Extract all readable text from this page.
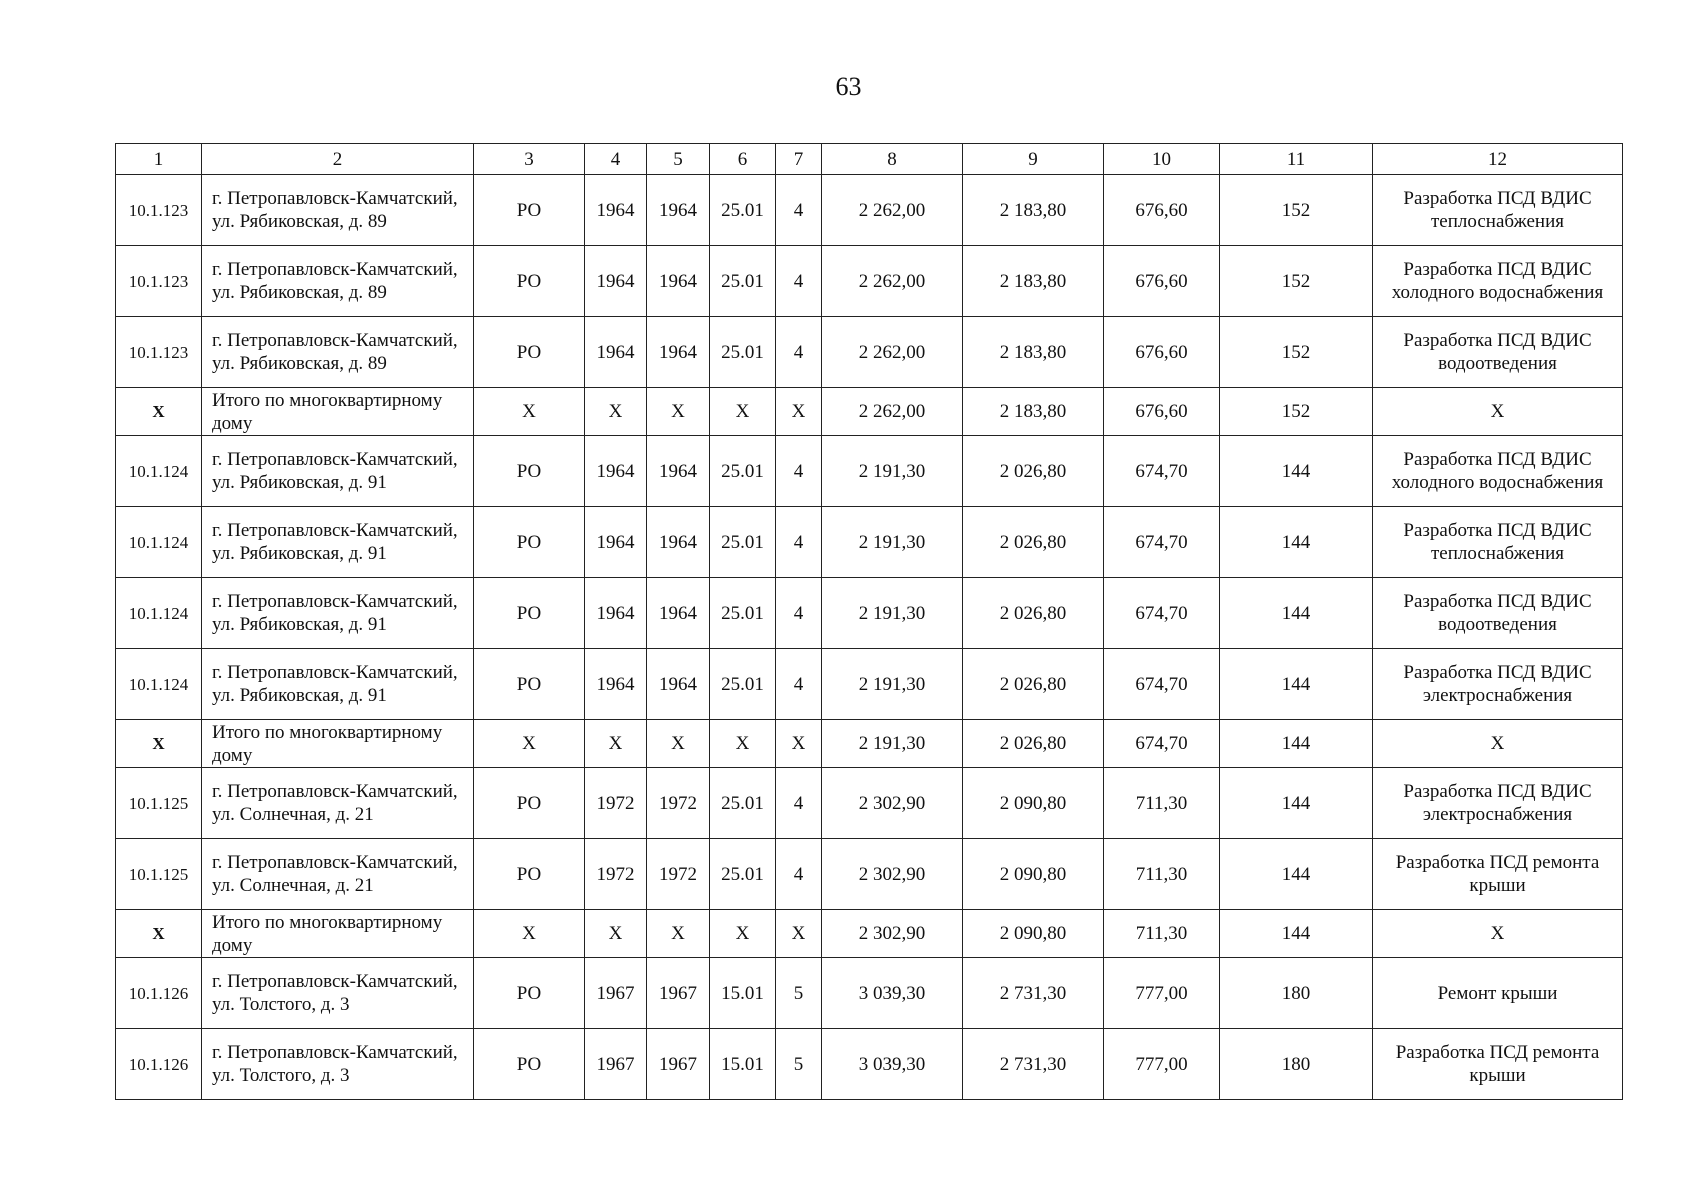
63
1	2	3	4	5	6	7	8	9	10	11	12
10.1.123	г. Петропавловск-Камчатский, ул. Рябиковская, д. 89	РО	1964	1964	25.01	4	2 262,00	2 183,80	676,60	152	Разработка ПСД ВДИС теплоснабжения
10.1.123	г. Петропавловск-Камчатский, ул. Рябиковская, д. 89	РО	1964	1964	25.01	4	2 262,00	2 183,80	676,60	152	Разработка ПСД ВДИС холодного водоснабжения
10.1.123	г. Петропавловск-Камчатский, ул. Рябиковская, д. 89	РО	1964	1964	25.01	4	2 262,00	2 183,80	676,60	152	Разработка ПСД ВДИС водоотведения
Х	Итого по многоквартирному дому	Х	Х	Х	Х	Х	2 262,00	2 183,80	676,60	152	Х
10.1.124	г. Петропавловск-Камчатский, ул. Рябиковская, д. 91	РО	1964	1964	25.01	4	2 191,30	2 026,80	674,70	144	Разработка ПСД ВДИС холодного водоснабжения
10.1.124	г. Петропавловск-Камчатский, ул. Рябиковская, д. 91	РО	1964	1964	25.01	4	2 191,30	2 026,80	674,70	144	Разработка ПСД ВДИС теплоснабжения
10.1.124	г. Петропавловск-Камчатский, ул. Рябиковская, д. 91	РО	1964	1964	25.01	4	2 191,30	2 026,80	674,70	144	Разработка ПСД ВДИС водоотведения
10.1.124	г. Петропавловск-Камчатский, ул. Рябиковская, д. 91	РО	1964	1964	25.01	4	2 191,30	2 026,80	674,70	144	Разработка ПСД ВДИС электроснабжения
Х	Итого по многоквартирному дому	Х	Х	Х	Х	Х	2 191,30	2 026,80	674,70	144	Х
10.1.125	г. Петропавловск-Камчатский, ул. Солнечная, д. 21	РО	1972	1972	25.01	4	2 302,90	2 090,80	711,30	144	Разработка ПСД ВДИС электроснабжения
10.1.125	г. Петропавловск-Камчатский, ул. Солнечная, д. 21	РО	1972	1972	25.01	4	2 302,90	2 090,80	711,30	144	Разработка ПСД ремонта крыши
Х	Итого по многоквартирному дому	Х	Х	Х	Х	Х	2 302,90	2 090,80	711,30	144	Х
10.1.126	г. Петропавловск-Камчатский, ул. Толстого, д. 3	РО	1967	1967	15.01	5	3 039,30	2 731,30	777,00	180	Ремонт крыши
10.1.126	г. Петропавловск-Камчатский, ул. Толстого, д. 3	РО	1967	1967	15.01	5	3 039,30	2 731,30	777,00	180	Разработка ПСД ремонта крыши
